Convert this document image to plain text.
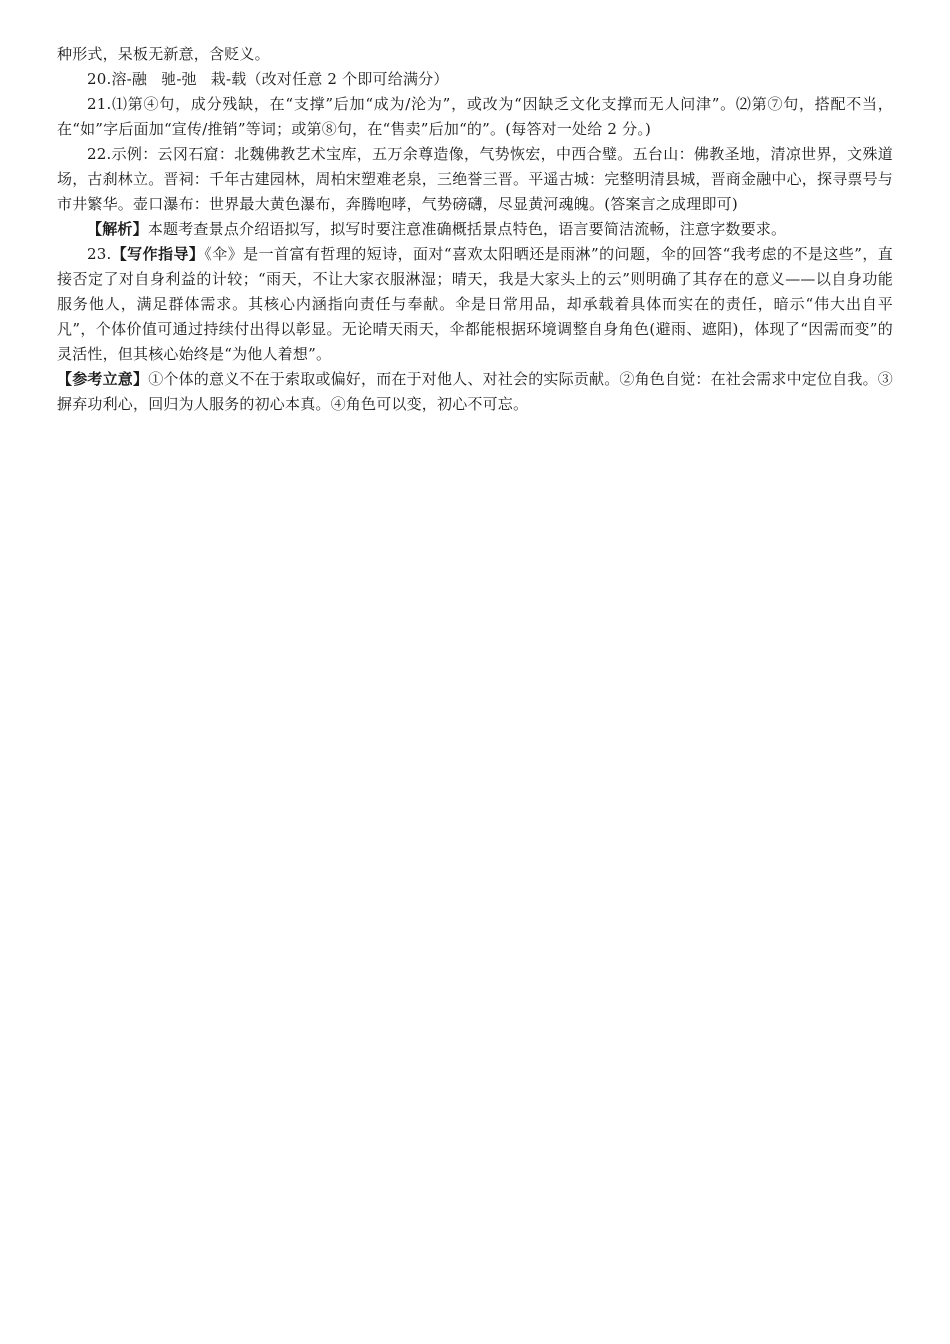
种形式，呆板无新意，含贬义。

20.溶-融 驰-弛 栽-载（改对任意 2 个即可给满分）

21.⑴第④句，成分残缺，在“支撑”后加“成为/沦为”，或改为“因缺乏文化支撑而无人问津”。⑵第⑦句，搭配不当，在“如”字后面加“宣传/推销”等词；或第⑧句，在“售卖”后加“的”。(每答对一处给 2 分。)

22.示例：云冈石窟：北魏佛教艺术宝库，五万余尊造像，气势恢宏，中西合璧。五台山：佛教圣地，清凉世界，文殊道场，古刹林立。晋祠：千年古建园林，周柏宋塑难老泉，三绝誉三晋。平遥古城：完整明清县城，晋商金融中心，探寻票号与市井繁华。壶口瀑布：世界最大黄色瀑布，奔腾咆哮，气势磅礴，尽显黄河魂魄。(答案言之成理即可)

【解析】本题考查景点介绍语拟写，拟写时要注意准确概括景点特色，语言要简洁流畅，注意字数要求。

23.【写作指导】《伞》是一首富有哲理的短诗，面对“喜欢太阳晒还是雨淋”的问题，伞的回答“我考虑的不是这些”，直接否定了对自身利益的计较；“雨天，不让大家衣服淋湿；晴天，我是大家头上的云”则明确了其存在的意义——以自身功能服务他人，满足群体需求。其核心内涵指向责任与奉献。伞是日常用品，却承载着具体而实在的责任，暗示“伟大出自平凡”，个体价值可通过持续付出得以彰显。无论晴天雨天，伞都能根据环境调整自身角色(避雨、遮阳)，体现了“因需而变”的灵活性，但其核心始终是“为他人着想”。

【参考立意】①个体的意义不在于索取或偏好，而在于对他人、对社会的实际贡献。②角色自觉：在社会需求中定位自我。③摒弃功利心，回归为人服务的初心本真。④角色可以变，初心不可忘。
